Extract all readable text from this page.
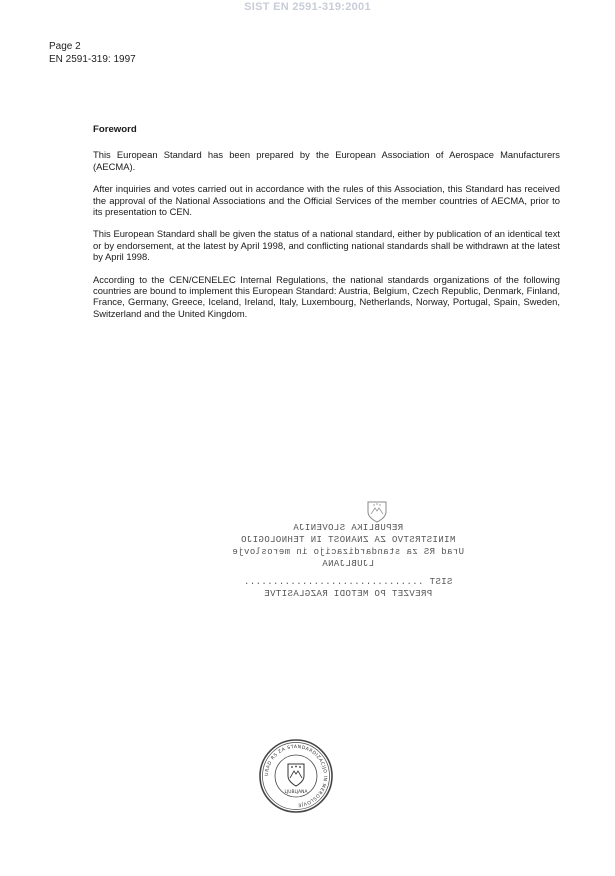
SIST EN 2591-319:2001
Page 2
EN 2591-319: 1997
Foreword

This European Standard has been prepared by the European Association of Aerospace Manufacturers (AECMA).

After inquiries and votes carried out in accordance with the rules of this Association, this Standard has received the approval of the National Associations and the Official Services of the member countries of AECMA, prior to its presentation to CEN.

This European Standard shall be given the status of a national standard, either by publication of an identical text or by endorsement, at the latest by April 1998, and conflicting national standards shall be withdrawn at the latest by April 1998.

According to the CEN/CENELEC Internal Regulations, the national standards organizations of the following countries are bound to implement this European Standard: Austria, Belgium, Czech Republic, Denmark, Finland, France, Germany, Greece, Iceland, Ireland, Italy, Luxembourg, Netherlands, Norway, Portugal, Spain, Sweden, Switzerland and the United Kingdom.

REPUBLIKA SLOVENIJA
MINISTRSTVO ZA ZNANOST IN TEHNOLOGIJO
Urad RS za standardizacijo in meroslovje
LJUBLJANA
SIST ...............................
PREVZET PO METODI RAZGLASITVE
URAD RS ZA STANDARDIZACIJO IN MEROSLOVJE
LJUBLJANA
